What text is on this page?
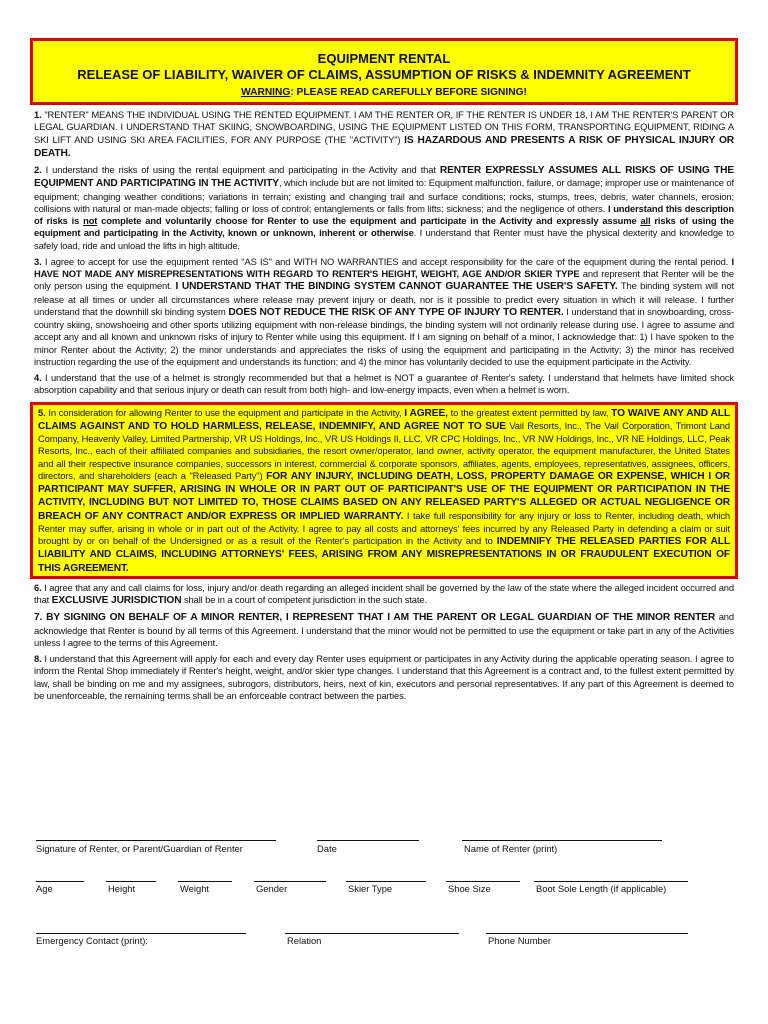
EQUIPMENT RENTAL
RELEASE OF LIABILITY, WAIVER OF CLAIMS, ASSUMPTION OF RISKS & INDEMNITY AGREEMENT
WARNING: PLEASE READ CAREFULLY BEFORE SIGNING!

1. "RENTER" MEANS THE INDIVIDUAL USING THE RENTED EQUIPMENT. I AM THE RENTER OR, IF THE RENTER IS UNDER 18, I AM THE RENTER'S PARENT OR LEGAL GUARDIAN. I UNDERSTAND THAT SKIING, SNOWBOARDING, USING THE EQUIPMENT LISTED ON THIS FORM, TRANSPORTING EQUIPMENT, RIDING A SKI LIFT AND USING SKI AREA FACILITIES, FOR ANY PURPOSE (THE "ACTIVITY") IS HAZARDOUS AND PRESENTS A RISK OF PHYSICAL INJURY OR DEATH.

2. I understand the risks of using the rental equipment and participating in the Activity and that RENTER EXPRESSLY ASSUMES ALL RISKS OF USING THE EQUIPMENT AND PARTICIPATING IN THE ACTIVITY, which include but are not limited to: Equipment malfunction, failure, or damage; improper use or maintenance of equipment; changing weather conditions; variations in terrain; existing and changing trail and surface conditions; rocks, stumps, trees, debris, water channels, erosion; collisions with natural or man-made objects; falling or loss of control; entanglements or falls from lifts; sickness; and the negligence of others. I understand this description of risks is not complete and voluntarily choose for Renter to use the equipment and participate in the Activity and expressly assume all risks of using the equipment and participating in the Activity, known or unknown, inherent or otherwise. I understand that Renter must have the physical dexterity and knowledge to safely load, ride and unload the lifts in high altitude.

3. I agree to accept for use the equipment rented "AS IS" and WITH NO WARRANTIES and accept responsibility for the care of the equipment during the rental period. I HAVE NOT MADE ANY MISREPRESENTATIONS WITH REGARD TO RENTER'S HEIGHT, WEIGHT, AGE AND/OR SKIER TYPE and represent that Renter will be the only person using the equipment. I UNDERSTAND THAT THE BINDING SYSTEM CANNOT GUARANTEE THE USER'S SAFETY. The binding system will not release at all times or under all circumstances where release may prevent injury or death, nor is it possible to predict every situation in which it will release. I further understand that the downhill ski binding system DOES NOT REDUCE THE RISK OF ANY TYPE OF INJURY TO RENTER. I understand that in snowboarding, cross-country skiing, snowshoeing and other sports utilizing equipment with non-release bindings, the binding system will not ordinarily release during use. I agree to assume and accept any and all known and unknown risks of injury to Renter while using this equipment. If I am signing on behalf of a minor, I acknowledge that: 1) I have spoken to the minor Renter about the Activity; 2) the minor understands and appreciates the risks of using the equipment and participating in the Activity; 3) the minor has received instruction regarding the use of the equipment and understands its function; and 4) the minor has voluntarily decided to use the equipment participate in the Activity.

4. I understand that the use of a helmet is strongly recommended but that a helmet is NOT a guarantee of Renter's safety. I understand that helmets have limited shock absorption capability and that serious injury or death can result from both high- and low-energy impacts, even when a helmet is worn.

5. In consideration for allowing Renter to use the equipment and participate in the Activity, I AGREE, to the greatest extent permitted by law, TO WAIVE ANY AND ALL CLAIMS AGAINST AND TO HOLD HARMLESS, RELEASE, INDEMNIFY, AND AGREE NOT TO SUE Vail Resorts, Inc., The Vail Corporation, Trimont Land Company, Heavenly Valley, Limited Partnership, VR US Holdings, Inc., VR US Holdings II, LLC, VR CPC Holdings, Inc., VR NW Holdings, Inc., VR NE Holdings, LLC, Peak Resorts, Inc., each of their affiliated companies and subsidiaries, the resort owner/operator, land owner, activity operator, the equipment manufacturer, the United States and all their respective insurance companies, successors in interest, commercial & corporate sponsors, affiliates, agents, employees, representatives, assignees, officers, directors, and shareholders (each a "Released Party") FOR ANY INJURY, INCLUDING DEATH, LOSS, PROPERTY DAMAGE OR EXPENSE, WHICH I OR PARTICIPANT MAY SUFFER, ARISING IN WHOLE OR IN PART OUT OF PARTICIPANT'S USE OF THE EQUIPMENT OR PARTICIPATION IN THE ACTIVITY, INCLUDING BUT NOT LIMITED TO, THOSE CLAIMS BASED ON ANY RELEASED PARTY'S ALLEGED OR ACTUAL NEGLIGENCE OR BREACH OF ANY CONTRACT AND/OR EXPRESS OR IMPLIED WARRANTY. I take full responsibility for any injury or loss to Renter, including death, which Renter may suffer, arising in whole or in part out of the Activity. I agree to pay all costs and attorneys' fees incurred by any Released Party in defending a claim or suit brought by or on behalf of the Undersigned or as a result of the Renter's participation in the Activity and to INDEMNIFY THE RELEASED PARTIES FOR ALL LIABILITY AND CLAIMS, INCLUDING ATTORNEYS' FEES, ARISING FROM ANY MISREPRESENTATIONS IN OR FRAUDULENT EXECUTION OF THIS AGREEMENT.

6. I agree that any and call claims for loss, injury and/or death regarding an alleged incident shall be governed by the law of the state where the alleged incident occurred and that EXCLUSIVE JURISDICTION shall be in a court of competent jurisdiction in the such state.

7. BY SIGNING ON BEHALF OF A MINOR RENTER, I REPRESENT THAT I AM THE PARENT OR LEGAL GUARDIAN OF THE MINOR RENTER and acknowledge that Renter is bound by all terms of this Agreement. I understand that the minor would not be permitted to use the equipment or take part in any of the Activities unless I agree to the terms of this Agreement.

8. I understand that this Agreement will apply for each and every day Renter uses equipment or participates in any Activity during the applicable operating season. I agree to inform the Rental Shop immediately if Renter's height, weight, and/or skier type changes. I understand that this Agreement is a contract and, to the fullest extent permitted by law, shall be binding on me and my assignees, subrogors, distributors, heirs, next of kin, executors and personal representatives. If any part of this Agreement is deemed to be unenforceable, the remaining terms shall be an enforceable contract between the parties.

Signature of Renter, or Parent/Guardian of Renter	Date	Name of Renter (print)
Age	Height	Weight	Gender	Skier Type	Shoe Size	Boot Sole Length (if applicable)
Emergency Contact (print):	Relation	Phone Number
